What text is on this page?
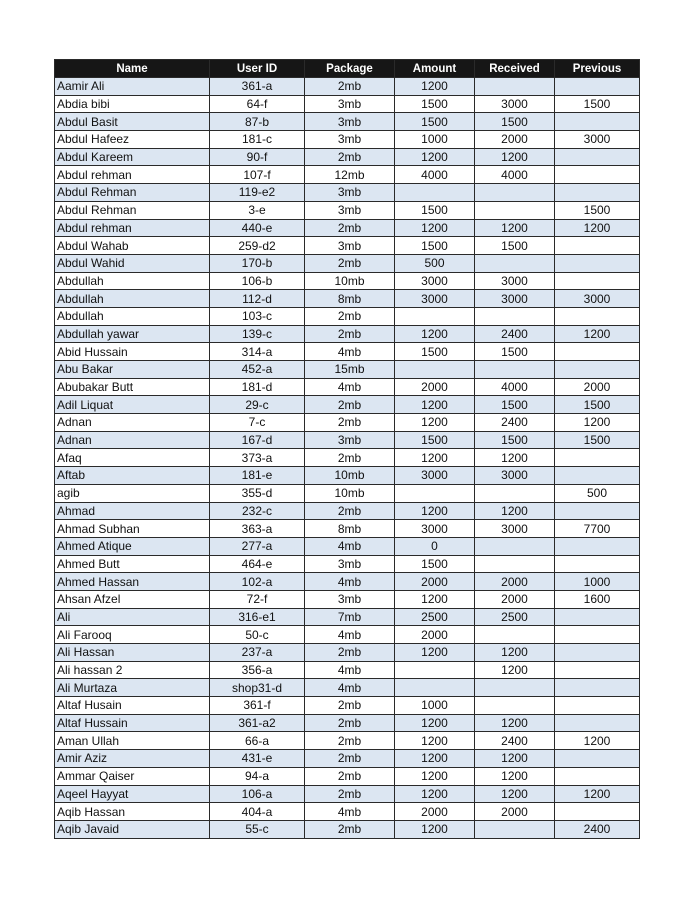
Name	User ID	Package	Amount	Received	Previous
Aamir Ali	361-a	2mb	1200		
Abdia bibi	64-f	3mb	1500	3000	1500
Abdul Basit	87-b	3mb	1500	1500	
Abdul Hafeez	181-c	3mb	1000	2000	3000
Abdul Kareem	90-f	2mb	1200	1200	
Abdul rehman	107-f	12mb	4000	4000	
Abdul Rehman	119-e2	3mb			
Abdul Rehman	3-e	3mb	1500		1500
Abdul rehman	440-e	2mb	1200	1200	1200
Abdul Wahab	259-d2	3mb	1500	1500	
Abdul Wahid	170-b	2mb	500		
Abdullah	106-b	10mb	3000	3000	
Abdullah	112-d	8mb	3000	3000	3000
Abdullah	103-c	2mb			
Abdullah yawar	139-c	2mb	1200	2400	1200
Abid Hussain	314-a	4mb	1500	1500	
Abu Bakar	452-a	15mb			
Abubakar Butt	181-d	4mb	2000	4000	2000
Adil Liquat	29-c	2mb	1200	1500	1500
Adnan	7-c	2mb	1200	2400	1200
Adnan	167-d	3mb	1500	1500	1500
Afaq	373-a	2mb	1200	1200	
Aftab	181-e	10mb	3000	3000	
agib	355-d	10mb			500
Ahmad	232-c	2mb	1200	1200	
Ahmad Subhan	363-a	8mb	3000	3000	7700
Ahmed Atique	277-a	4mb	0		
Ahmed Butt	464-e	3mb	1500		
Ahmed Hassan	102-a	4mb	2000	2000	1000
Ahsan Afzel	72-f	3mb	1200	2000	1600
Ali	316-e1	7mb	2500	2500	
Ali Farooq	50-c	4mb	2000		
Ali Hassan	237-a	2mb	1200	1200	
Ali hassan 2	356-a	4mb		1200	
Ali Murtaza	shop31-d	4mb			
Altaf Husain	361-f	2mb	1000		
Altaf Hussain	361-a2	2mb	1200	1200	
Aman Ullah	66-a	2mb	1200	2400	1200
Amir Aziz	431-e	2mb	1200	1200	
Ammar Qaiser	94-a	2mb	1200	1200	
Aqeel Hayyat	106-a	2mb	1200	1200	1200
Aqib Hassan	404-a	4mb	2000	2000	
Aqib Javaid	55-c	2mb	1200		2400
